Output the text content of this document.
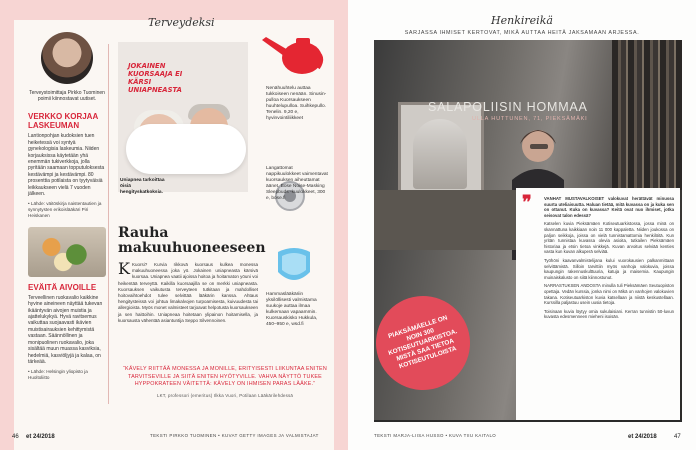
Terveydeksi
Terveystoimittaja Pirkko Tuominen poimii kiinnostavat uutiset.
VERKKO KORJAA LASKEUMAN
Lantionpohjan kudoksien tuen heiketessä voi syntyä gynekologisia laskeumia. Niiden korjauksissa käytetään yhä enemmän tukiverkkoja, jolla pyritään saamaan topputuloksesta kestävämpi ja kestävämpi. 80 prosenttia potilaista on tyytyväisiä leikkaukseen vielä 7 vuoden jälkeen.
• Lähde: väitöskirja naistentautien ja synnytysten erikoislääkäri Piri Heiskanen
EVÄITÄ AIVOILLE
Terveellinen ruokavalio kaikkine hyvine aineineen näyttää tukevan ikääntyvän aivojen muistia ja ajattelukykyä. Hyvä ravitsemus vaikuttaa suojaavasti ikävien muistisairauksien kehittymistä vastaan. Säännöllinen ja monipuolinen ruokavalio, joka sisältää muun muassa kasviksia, hedelmiä, kasviöljyjä ja kalaa, on tärkeää.
• Lähde: Helsingin yliopisto ja Huoltoliitto
JOKAINEN KUORSAAJA EI KÄRSI UNIAPNEASTA
Uniapnea tarkoittaa öisiä hengityskatkoksia.
Nenähuuhtelu auttaa tukkoiseen nenään. Sinusin-pulloa Kuorsaukseen huuhtelupulloa. Suihkepullo. Tenelin. 9,20 e, hyvinvointiliikkeet
Langattomat nappikuulokkeet vaimentavat kuorsauksen aiheuttamat äänet. Bose Noise-Masking Sleepbuds -kuulokkeet, 300 e, bose.fi
Hammaslääkäriin yksilöllisesti valmistama suukoje auttaa ilmaa kulkemaan vapaammin. Kuorsauskisko Hukkula, 450–950 e, wsd.fi
Rauha makuuhuoneeseen
K Kuorsi? Kurvia rikkovä kuorsaus kulkea monessa makuuhuoneessa joka yö. Jokainen uniapneasta kärsivä kuorsaa. Uniapnea vaatii ajoissa hoitoa ja hoitamaton yöuni voi heikentää terveyttä. Kaikilla kuorsaajilla se on merkki uniapneasta. Kuorsauksen vaikutusta terveyteen tutkitaan ja mahdolliset hoitovaihtoehdot tulee selvittää lääkärin kanssa. Ahtaus hengitysteissä voi johtua limakalvojen turpoamisesta, kuivuudesta tai allergioista. Myös monet valmisteet tarjoavat helpotusta kuorsaukseen ja sen haittoihin. Uniapneaa hoitetaan ylipainon hoitamisella, ja kuorsausta vähentää asiantuntija Seppo Silvennoinen.
“KÄVELY RIITTÄÄ MONESSA JA MONILLE, ERITYISESTI LIIKUNTAA ENITEN TARVITSEVILLE JA SIITÄ ENITEN HYÖTYVILLE. VAHVA NÄYTTÖ TUKEE HYPPOKRATEEN VÄITETTÄ: KÄVELY ON IHMISEN PARAS LÄÄKE.”
LKT, professori (emeritus) Ilkka Vuori, Potilaan Lääkärilehdessä
46 et 24/2018	TEKSTI PIRKKO TUOMINEN • KUVAT GETTY IMAGES JA VALMISTAJAT
Henkireikä
SARJASSA IHMISET KERTOVAT, MIKÄ AUTTAA HEITÄ JAKSAMAAN ARJESSA.
SALAPOLIISIN HOMMAA
ULLA HUTTUNEN, 71, PIEKSÄMÄKI
❞	VANHAT MUSTAVALKOISET valokuvat herättävät minussa suurta uteliaisuutta. Haluan tietää, mitä kuvassa on ja kuka sen on ottanut. Kuka on kuvassa? Keitä ovat nuo ihmiset, jotka seisovat talon edessä?

Katselen kuvia Pieksämäen Kotiseutuarkistossa, jossa minä on skannattuna kaikkiaan noin 11 000 kappaletta. Niiden joukossa on paljon seikkoja, joissa on vielä tunnistamattomia henkilöitä. Kun yritän tunnistaa kuvassa olevia asioita, tutkailen Pieksämäen historiaa ja etsin tietoa vinkkejä. Kuvan arvoitus selviää kenties vasta kun kuvan alkuperä selviää.

Työhöni kaavanvalmistelijana kului vuorokausien palkanmittaan selvittämistä. Silloin tarvittiin myös vanhoja valokuvia, joissa kaupungin rakennuskulttuuria, katuja ja maisemia. Kaupungin muinaiskalusto on siitä kiinnostunut.

NARRASTUKSEN ANDOSTA minulla tuli Pieksämäen Seutuopiston opettaja. Vedän kurssia, jonka nimi on Mikä on vanhojen valokuvien takana. Kotiseutuarkiston kuvia katsellaan ja niistä keskustellaan. Kurssilla paljastuu usein uusia tietoja.

Toisinaan kuvia löytyy omia sukulaisiani. Kerran tunnistin 50-luvun kuvasta edesmenneen mieheni isoisän.

PIAKSÄMÄELLE ON NOIN 300 KOTISEUTUARKISTOA. MISTÄ SAA TIETOA KOTISEUTULOISTA
TEKSTI MARJA-LIISA HUSSO • KUVA TIIU KAITALO	et 24/2018	47
